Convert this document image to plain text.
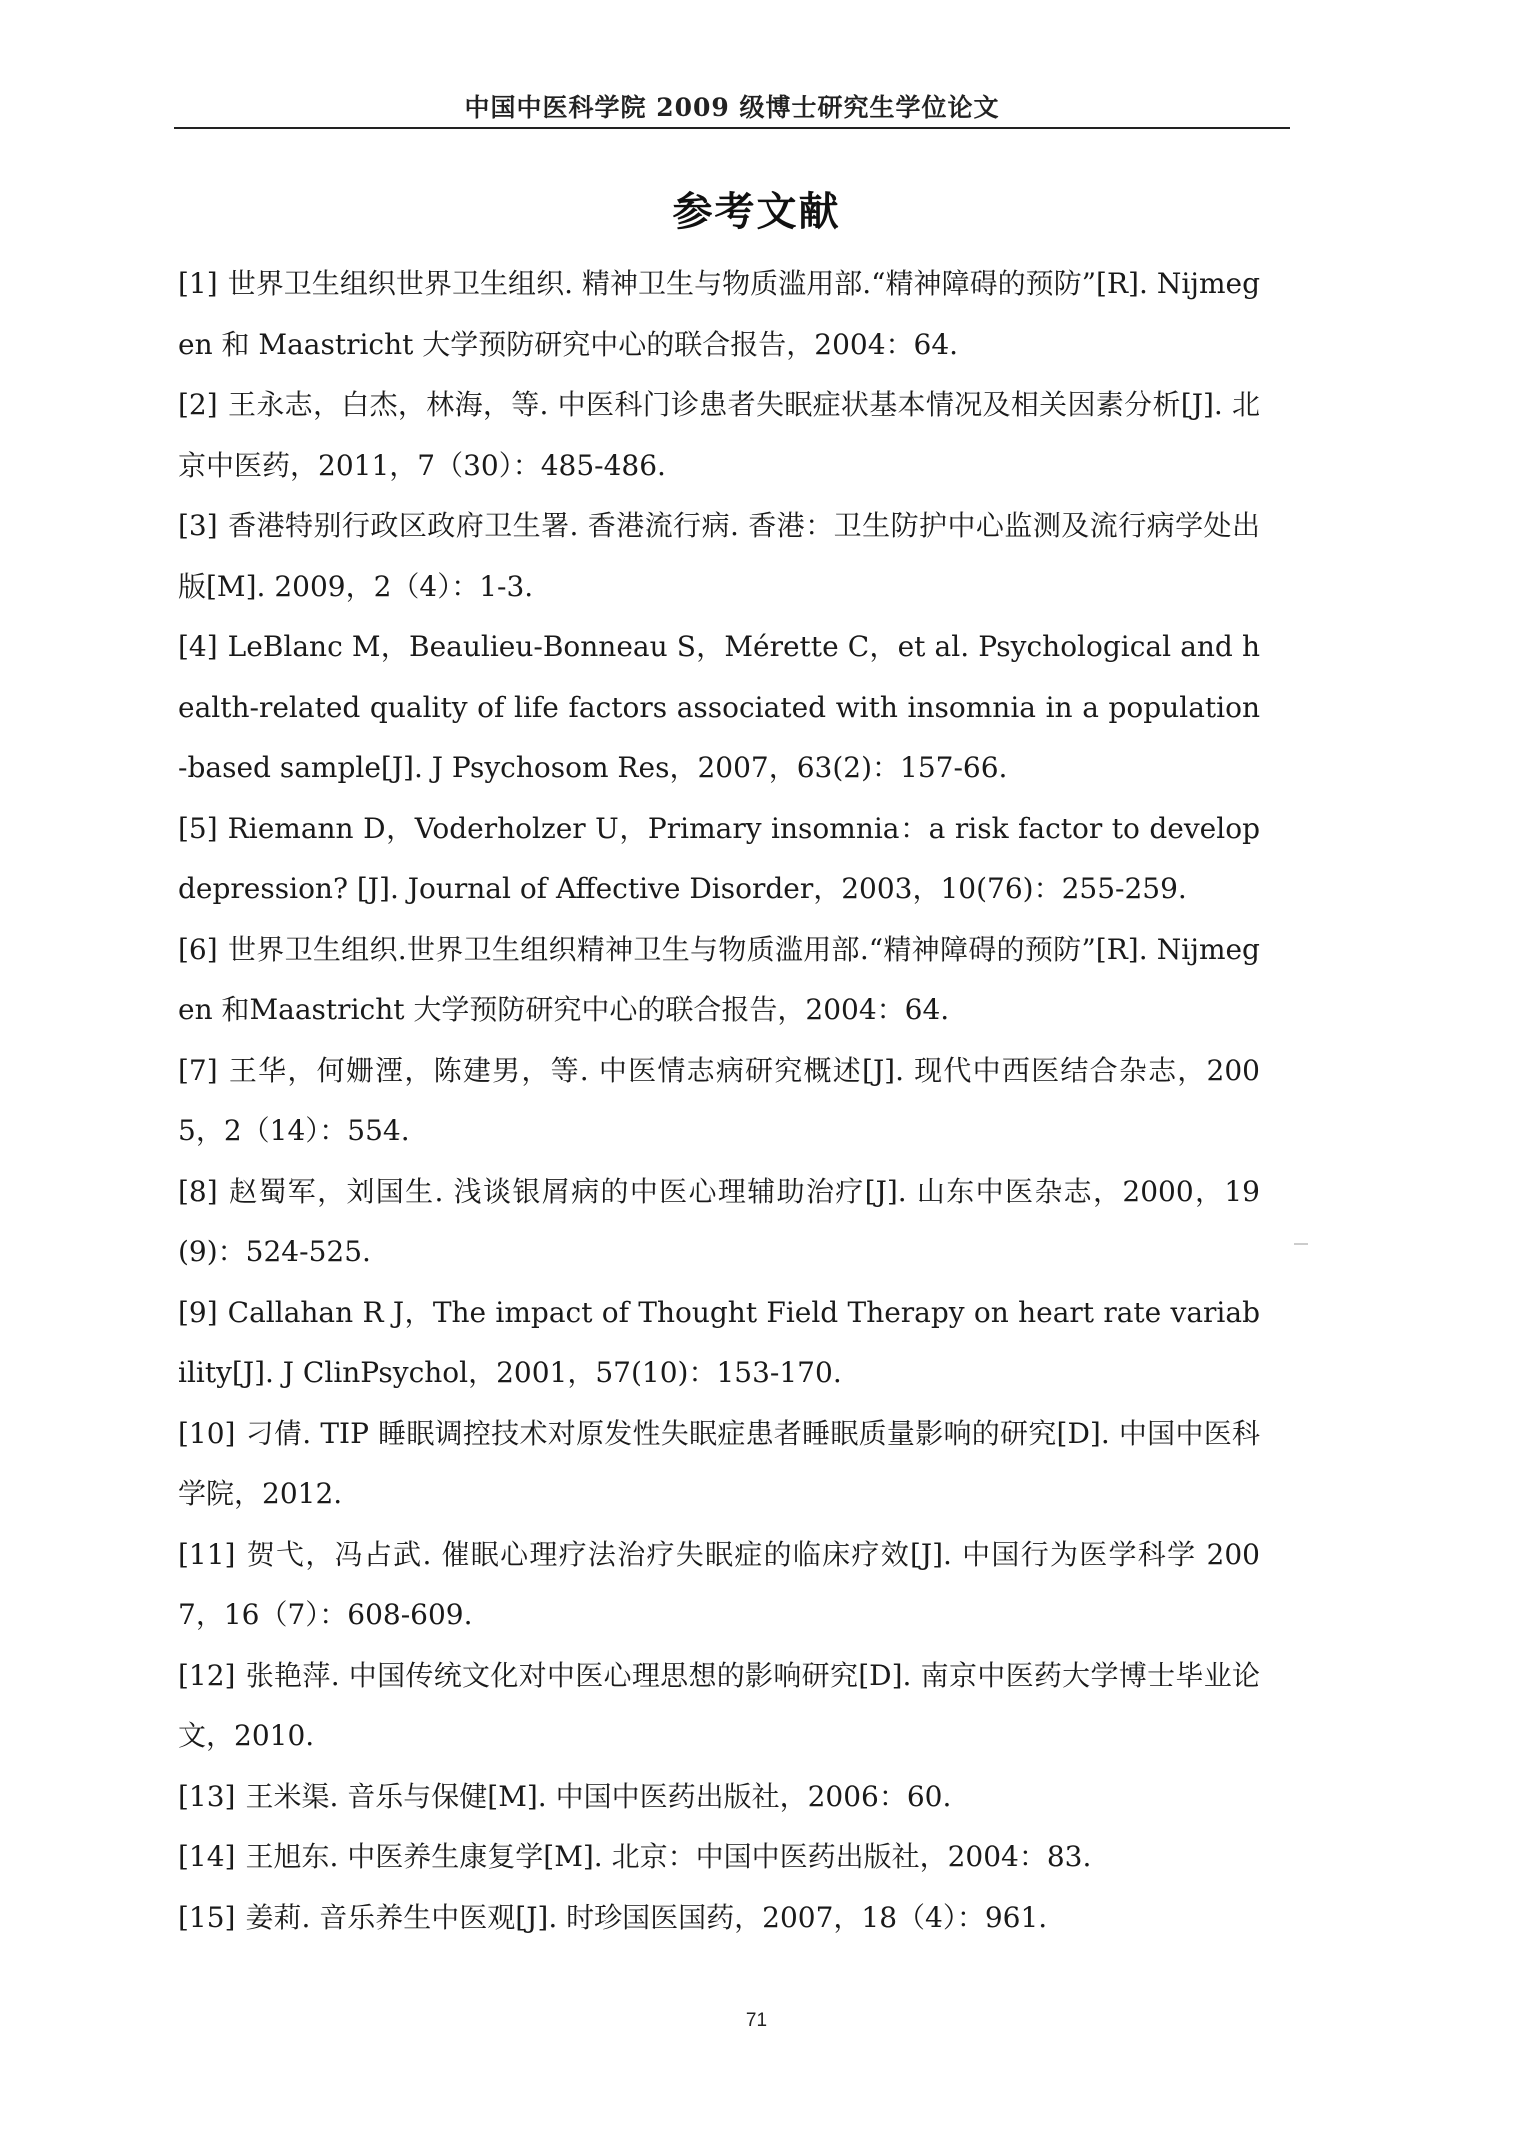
中国中医科学院 2009 级博士研究生学位论文
参考文献
[1] 世界卫生组织世界卫生组织. 精神卫生与物质滥用部.“精神障碍的预防”[R]. Nijmegen 和 Maastricht 大学预防研究中心的联合报告，2004：64.
[2] 王永志，白杰，林海，等. 中医科门诊患者失眠症状基本情况及相关因素分析[J]. 北京中医药，2011，7（30）：485-486.
[3] 香港特别行政区政府卫生署. 香港流行病. 香港：卫生防护中心监测及流行病学处出版[M]. 2009，2（4）：1-3.
[4] LeBlanc M，Beaulieu-Bonneau S，Mérette C，et al. Psychological and health-related quality of life factors associated with insomnia in a population-based sample[J]. J Psychosom Res，2007，63(2)：157-66.
[5] Riemann D，Voderholzer U，Primary insomnia：a risk factor to develop depression? [J]. Journal of Affective Disorder，2003，10(76)：255-259.
[6] 世界卫生组织.世界卫生组织精神卫生与物质滥用部.“精神障碍的预防”[R]. Nijmegen 和Maastricht 大学预防研究中心的联合报告，2004：64.
[7] 王华，何姗湮，陈建男，等. 中医情志病研究概述[J]. 现代中西医结合杂志，2005，2（14）：554.
[8] 赵蜀军，刘国生. 浅谈银屑病的中医心理辅助治疗[J]. 山东中医杂志，2000，19(9)：524-525.
[9] Callahan R J，The impact of Thought Field Therapy on heart rate variability[J]. J ClinPsychol，2001，57(10)：153-170.
[10] 刁倩. TIP 睡眠调控技术对原发性失眠症患者睡眠质量影响的研究[D]. 中国中医科学院，2012.
[11] 贺弋，冯占武. 催眠心理疗法治疗失眠症的临床疗效[J]. 中国行为医学科学 2007，16（7）：608-609.
[12] 张艳萍. 中国传统文化对中医心理思想的影响研究[D]. 南京中医药大学博士毕业论文，2010.
[13] 王米渠. 音乐与保健[M]. 中国中医药出版社，2006：60.
[14] 王旭东. 中医养生康复学[M]. 北京：中国中医药出版社，2004：83.
[15] 姜莉. 音乐养生中医观[J]. 时珍国医国药，2007，18（4）：961.
71
